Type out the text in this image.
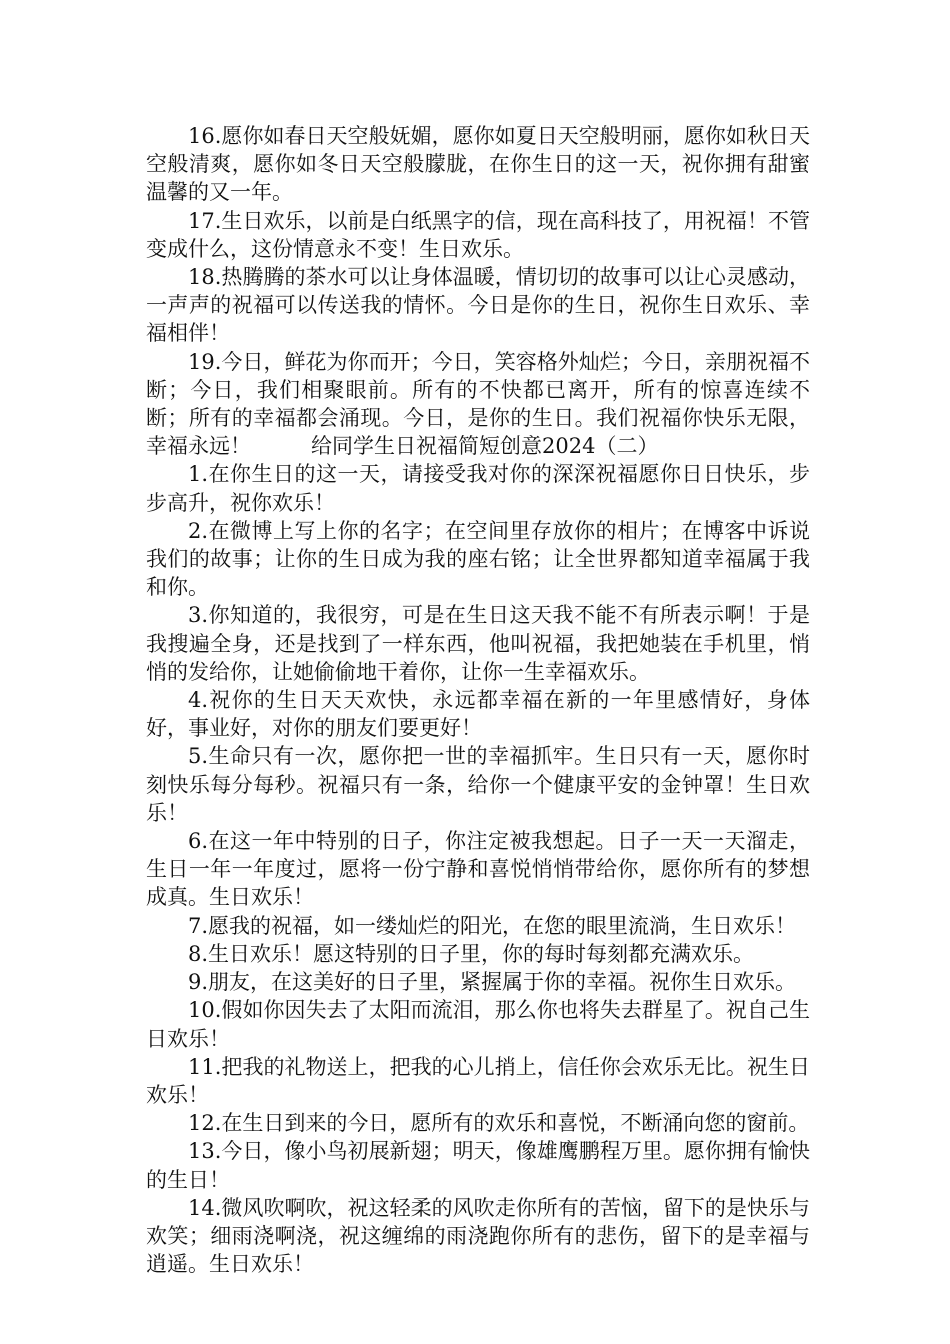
16.愿你如春日天空般妩媚，愿你如夏日天空般明丽，愿你如秋日天空般清爽，愿你如冬日天空般朦胧，在你生日的这一天，祝你拥有甜蜜温馨的又一年。

17.生日欢乐，以前是白纸黑字的信，现在高科技了，用祝福！不管变成什么，这份情意永不变！生日欢乐。

18.热腾腾的茶水可以让身体温暖，情切切的故事可以让心灵感动，一声声的祝福可以传送我的情怀。今日是你的生日，祝你生日欢乐、幸福相伴！

19.今日，鲜花为你而开；今日，笑容格外灿烂；今日，亲朋祝福不断；今日，我们相聚眼前。所有的不快都已离开，所有的惊喜连续不断；所有的幸福都会涌现。今日，是你的生日。我们祝福你快乐无限，幸福永远！	给同学生日祝福简短创意2024（二）

1.在你生日的这一天，请接受我对你的深深祝福愿你日日快乐，步步高升，祝你欢乐！

2.在微博上写上你的名字；在空间里存放你的相片；在博客中诉说我们的故事；让你的生日成为我的座右铭；让全世界都知道幸福属于我和你。

3.你知道的，我很穷，可是在生日这天我不能不有所表示啊！于是我搜遍全身，还是找到了一样东西，他叫祝福，我把她装在手机里，悄悄的发给你，让她偷偷地干着你，让你一生幸福欢乐。

4.祝你的生日天天欢快，永远都幸福在新的一年里感情好，身体好，事业好，对你的朋友们要更好！

5.生命只有一次，愿你把一世的幸福抓牢。生日只有一天，愿你时刻快乐每分每秒。祝福只有一条，给你一个健康平安的金钟罩！生日欢乐！

6.在这一年中特别的日子，你注定被我想起。日子一天一天溜走，生日一年一年度过，愿将一份宁静和喜悦悄悄带给你，愿你所有的梦想成真。生日欢乐！

7.愿我的祝福，如一缕灿烂的阳光，在您的眼里流淌，生日欢乐！

8.生日欢乐！愿这特别的日子里，你的每时每刻都充满欢乐。

9.朋友，在这美好的日子里，紧握属于你的幸福。祝你生日欢乐。

10.假如你因失去了太阳而流泪，那么你也将失去群星了。祝自己生日欢乐！

11.把我的礼物送上，把我的心儿捎上，信任你会欢乐无比。祝生日欢乐！

12.在生日到来的今日，愿所有的欢乐和喜悦，不断涌向您的窗前。

13.今日，像小鸟初展新翅；明天，像雄鹰鹏程万里。愿你拥有愉快的生日！

14.微风吹啊吹，祝这轻柔的风吹走你所有的苦恼，留下的是快乐与欢笑；细雨浇啊浇，祝这缠绵的雨浇跑你所有的悲伤，留下的是幸福与逍遥。生日欢乐！
